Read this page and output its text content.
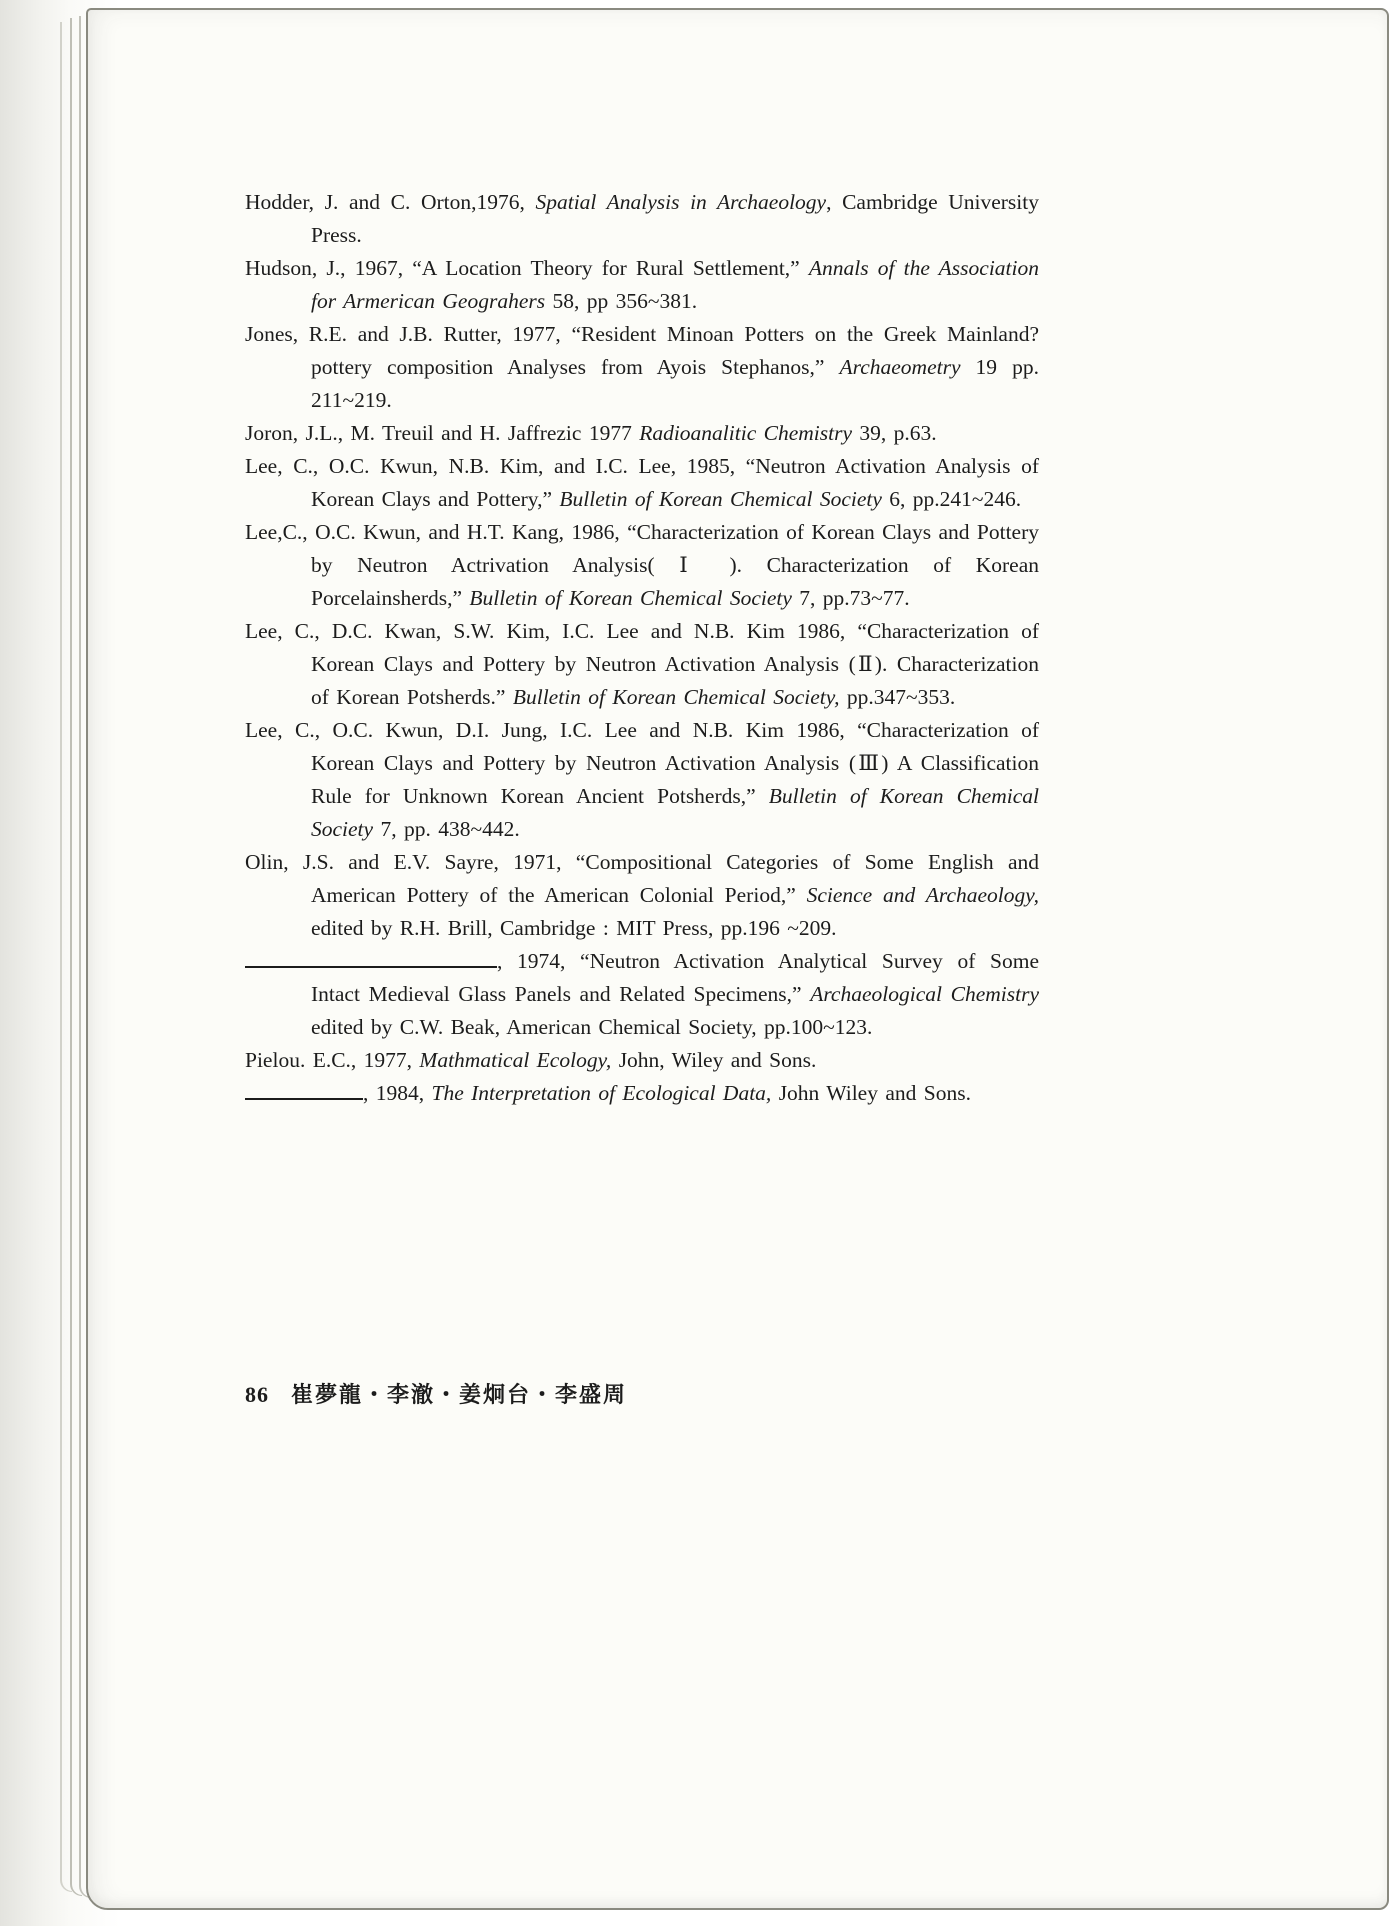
Hodder, J. and C. Orton,1976, Spatial Analysis in Archaeology, Cambridge University Press.

Hudson, J., 1967, “A Location Theory for Rural Settlement,” Annals of the Association for Armerican Geograhers 58, pp 356~381.

Jones, R.E. and J.B. Rutter, 1977, “Resident Minoan Potters on the Greek Mainland? pottery composition Analyses from Ayois Stephanos,” Archaeometry 19 pp. 211~219.

Joron, J.L., M. Treuil and H. Jaffrezic 1977 Radioanalitic Chemistry 39, p.63.

Lee, C., O.C. Kwun, N.B. Kim, and I.C. Lee, 1985, “Neutron Activation Analysis of Korean Clays and Pottery,” Bulletin of Korean Chemical Society 6, pp.241~246.

Lee,C., O.C. Kwun, and H.T. Kang, 1986, “Characterization of Korean Clays and Pottery by Neutron Actrivation Analysis( Ⅰ ). Characterization of Korean Porcelainsherds,” Bulletin of Korean Chemical Society 7, pp.73~77.

Lee, C., D.C. Kwan, S.W. Kim, I.C. Lee and N.B. Kim 1986, “Characterization of Korean Clays and Pottery by Neutron Activation Analysis (Ⅱ). Characterization of Korean Potsherds.” Bulletin of Korean Chemical Society, pp.347~353.

Lee, C., O.C. Kwun, D.I. Jung, I.C. Lee and N.B. Kim 1986, “Characterization of Korean Clays and Pottery by Neutron Activation Analysis (Ⅲ) A Classification Rule for Unknown Korean Ancient Potsherds,” Bulletin of Korean Chemical Society 7, pp. 438~442.

Olin, J.S. and E.V. Sayre, 1971, “Compositional Categories of Some English and American Pottery of the American Colonial Period,” Science and Archaeology, edited by R.H. Brill, Cambridge : MIT Press, pp.196 ~209.

, 1974, “Neutron Activation Analytical Survey of Some Intact Medieval Glass Panels and Related Specimens,” Archaeological Chemistry edited by C.W. Beak, American Chemical Society, pp.100~123.

Pielou. E.C., 1977, Mathmatical Ecology, John, Wiley and Sons.

, 1984, The Interpretation of Ecological Data, John Wiley and Sons.

86 崔夢龍・李澈・姜炯台・李盛周
